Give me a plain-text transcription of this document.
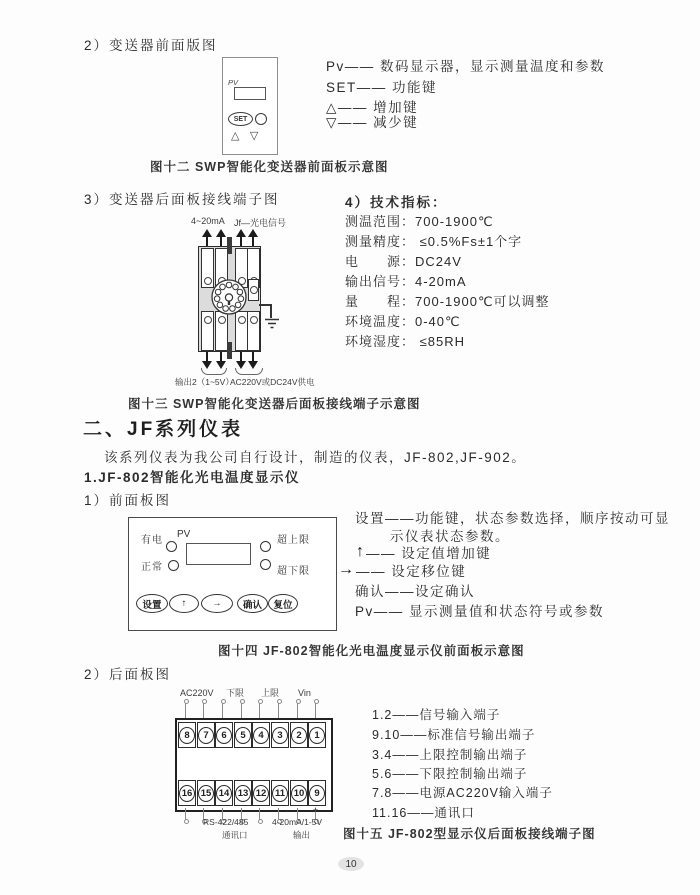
2）变送器前面版图
PV
SET
△ ▽
Pv—— 数码显示器，显示测量温度和参数
SET—— 功能键
△—— 增加键
▽—— 减少键
图十二 SWP智能化变送器前面板示意图
3）变送器后面板接线端子图	4）技术指标：
测温范围：700-1900℃
测量精度： ≤0.5%Fs±1个字
电　　源：DC24V
输出信号：4-20mA
量　　程：700-1900℃可以调整
环境温度：0-40℃
环境湿度： ≤85RH
4~20mA Jf—光电信号
输出2（1~5V）
AC220V或DC24V供电
图十三 SWP智能化变送器后面板接线端子示意图
二、JF系列仪表
该系列仪表为我公司自行设计，制造的仪表，JF-802,JF-902。
1.JF-802智能化光电温度显示仪
1）前面板图
有电
PV
正常
超上限
超下限
设置	↑	→	确认	复位
设置——功能键，状态参数选择，顺序按动可显
示仪表状态参数。
↑ —— 设定值增加键
→ —— 设定移位键
确认——设定确认
Pv—— 显示测量值和状态符号或参数
图十四 JF-802智能化光电温度显示仪前面板示意图
2）后面板图
AC220V 下限 上限 Vin
8	7	6	5	4	3	2	1
16 15 14 13 12 11 10	9
-	+
RS-422/485
通讯口
4-20mA/1-5V
输出
1.2——信号输入端子
9.10——标准信号输出端子
3.4——上限控制输出端子
5.6——下限控制输出端子
7.8——电源AC220V输入端子
11.16——通讯口
图十五 JF-802型显示仪后面板接线端子图
10
